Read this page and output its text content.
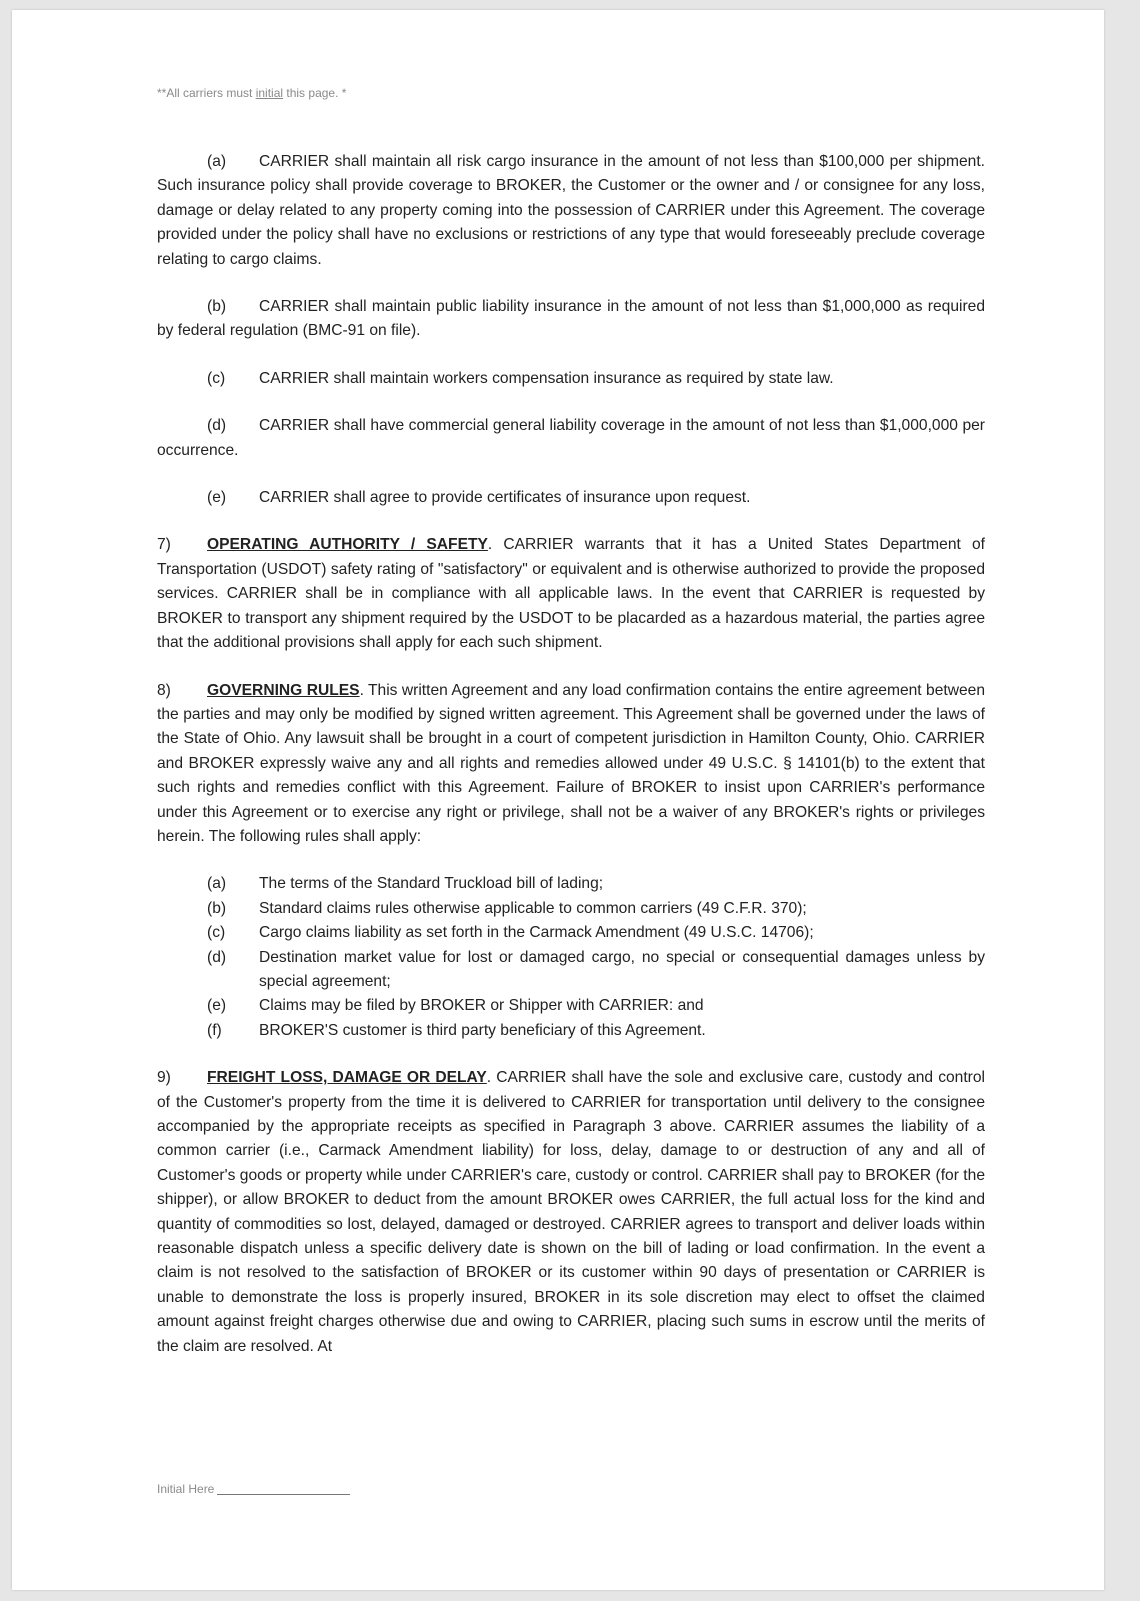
**All carriers must initial this page. *
(a) CARRIER shall maintain all risk cargo insurance in the amount of not less than $100,000 per shipment. Such insurance policy shall provide coverage to BROKER, the Customer or the owner and / or consignee for any loss, damage or delay related to any property coming into the possession of CARRIER under this Agreement. The coverage provided under the policy shall have no exclusions or restrictions of any type that would foreseeably preclude coverage relating to cargo claims.
(b) CARRIER shall maintain public liability insurance in the amount of not less than $1,000,000 as required by federal regulation (BMC-91 on file).
(c) CARRIER shall maintain workers compensation insurance as required by state law.
(d) CARRIER shall have commercial general liability coverage in the amount of not less than $1,000,000 per occurrence.
(e) CARRIER shall agree to provide certificates of insurance upon request.
7) OPERATING AUTHORITY / SAFETY. CARRIER warrants that it has a United States Department of Transportation (USDOT) safety rating of "satisfactory" or equivalent and is otherwise authorized to provide the proposed services. CARRIER shall be in compliance with all applicable laws. In the event that CARRIER is requested by BROKER to transport any shipment required by the USDOT to be placarded as a hazardous material, the parties agree that the additional provisions shall apply for each such shipment.
8) GOVERNING RULES. This written Agreement and any load confirmation contains the entire agreement between the parties and may only be modified by signed written agreement. This Agreement shall be governed under the laws of the State of Ohio. Any lawsuit shall be brought in a court of competent jurisdiction in Hamilton County, Ohio. CARRIER and BROKER expressly waive any and all rights and remedies allowed under 49 U.S.C. § 14101(b) to the extent that such rights and remedies conflict with this Agreement. Failure of BROKER to insist upon CARRIER's performance under this Agreement or to exercise any right or privilege, shall not be a waiver of any BROKER's rights or privileges herein. The following rules shall apply:
(a) The terms of the Standard Truckload bill of lading;
(b) Standard claims rules otherwise applicable to common carriers (49 C.F.R. 370);
(c) Cargo claims liability as set forth in the Carmack Amendment (49 U.S.C. 14706);
(d) Destination market value for lost or damaged cargo, no special or consequential damages unless by special agreement;
(e) Claims may be filed by BROKER or Shipper with CARRIER: and
(f) BROKER'S customer is third party beneficiary of this Agreement.
9) FREIGHT LOSS, DAMAGE OR DELAY. CARRIER shall have the sole and exclusive care, custody and control of the Customer's property from the time it is delivered to CARRIER for transportation until delivery to the consignee accompanied by the appropriate receipts as specified in Paragraph 3 above. CARRIER assumes the liability of a common carrier (i.e., Carmack Amendment liability) for loss, delay, damage to or destruction of any and all of Customer's goods or property while under CARRIER's care, custody or control. CARRIER shall pay to BROKER (for the shipper), or allow BROKER to deduct from the amount BROKER owes CARRIER, the full actual loss for the kind and quantity of commodities so lost, delayed, damaged or destroyed. CARRIER agrees to transport and deliver loads within reasonable dispatch unless a specific delivery date is shown on the bill of lading or load confirmation. In the event a claim is not resolved to the satisfaction of BROKER or its customer within 90 days of presentation or CARRIER is unable to demonstrate the loss is properly insured, BROKER in its sole discretion may elect to offset the claimed amount against freight charges otherwise due and owing to CARRIER, placing such sums in escrow until the merits of the claim are resolved. At
Initial Here
